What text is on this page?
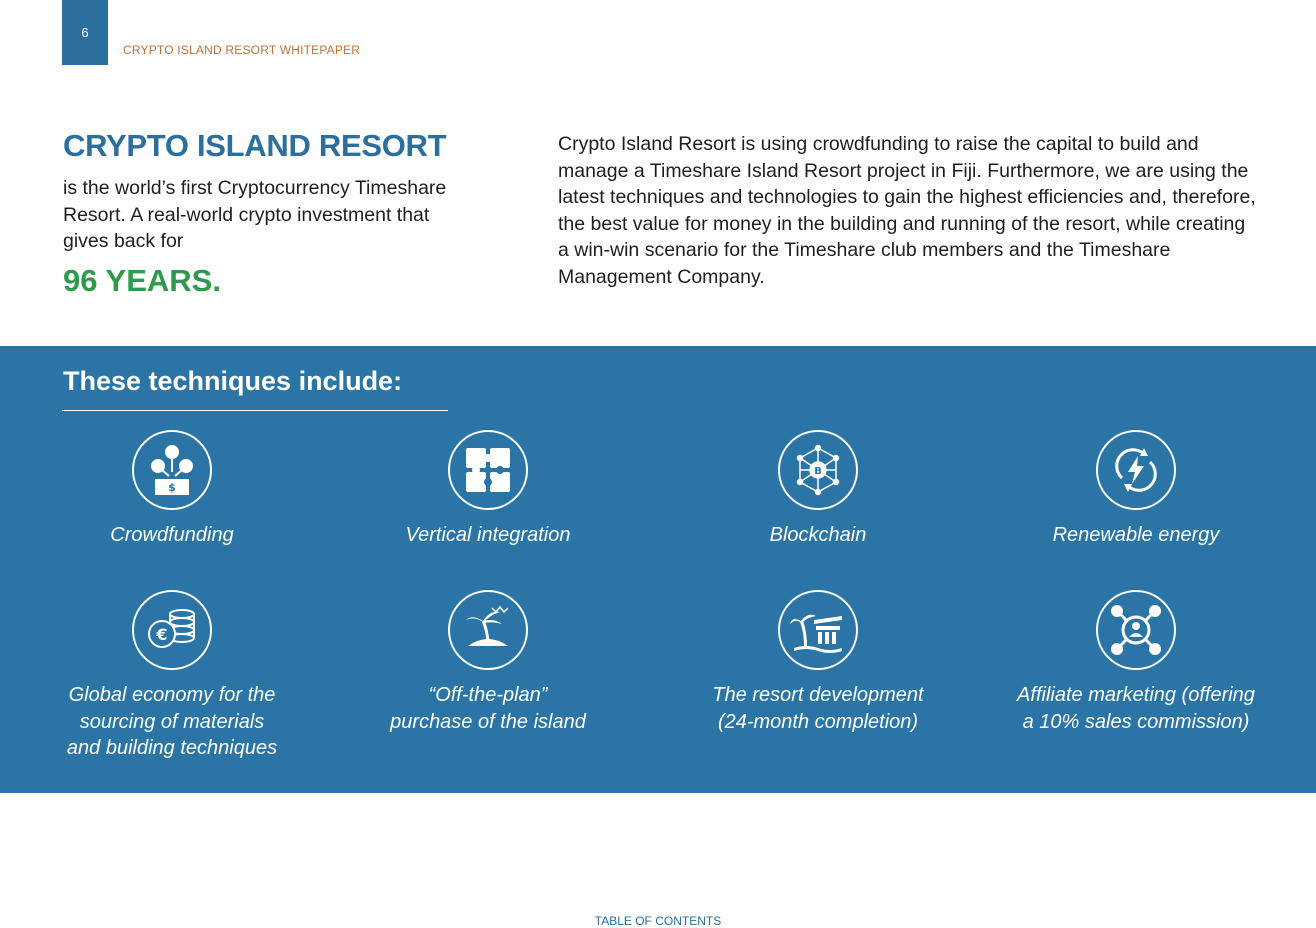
6
CRYPTO ISLAND RESORT WHITEPAPER
CRYPTO ISLAND RESORT

is the world’s first Cryptocurrency Timeshare Resort. A real-world crypto investment that gives back for

96 YEARS.

Crypto Island Resort is using crowdfunding to raise the capital to build and manage a Timeshare Island Resort project in Fiji. Furthermore, we are using the latest techniques and technologies to gain the highest efficiencies and, therefore, the best value for money in the building and running of the resort, while creating a win-win scenario for the Timeshare club members and the Timeshare Management Company.

These techniques include:
$
Crowdfunding	Vertical integration
B
Blockchain	Renewable energy
€
Global economy for the
sourcing of materials
and building techniques
“Off-the-plan”
purchase of the island
The resort development
(24-month completion)
Affiliate marketing (offering
a 10% sales commission)
TABLE OF CONTENTS
